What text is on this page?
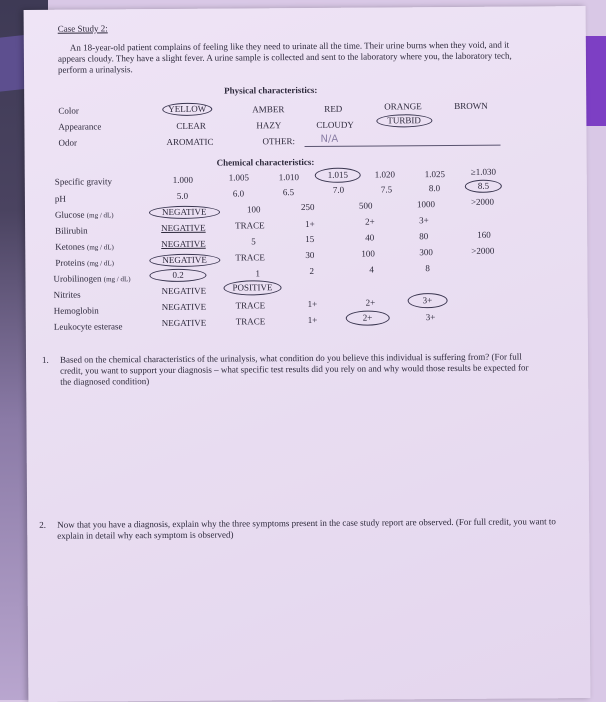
Case Study 2:
An 18-year-old patient complains of feeling like they need to urinate all the time. Their urine burns when they void, and it appears cloudy. They have a slight fever. A urine sample is collected and sent to the laboratory where you, the laboratory tech, perform a urinalysis.
Physical characteristics:
Color	YELLOW	AMBER	RED	ORANGE	BROWN
Appearance	CLEAR	HAZY	CLOUDY	TURBID
Odor	AROMATIC	OTHER:	N/A
Chemical characteristics:
Specific gravity	1.000	1.005	1.010	1.015	1.020	1.025	≥1.030
pH	5.0	6.0	6.5	7.0	7.5	8.0	8.5
Glucose (mg / dL)	NEGATIVE	100	250	500	1000	>2000
Bilirubin	NEGATIVE	TRACE	1+	2+	3+
Ketones (mg / dL)	NEGATIVE	5	15	40	80	160
Proteins (mg / dL)	NEGATIVE	TRACE	30	100	300	>2000
Urobilinogen (mg / dL)	0.2	1	2	4	8
Nitrites	NEGATIVE	POSITIVE
Hemoglobin	NEGATIVE	TRACE	1+	2+	3+
Leukocyte esterase	NEGATIVE	TRACE	1+	2+	3+
1. Based on the chemical characteristics of the urinalysis, what condition do you believe this individual is suffering from? (For full credit, you want to support your diagnosis – what specific test results did you rely on and why would those results be expected for the diagnosed condition)
2. Now that you have a diagnosis, explain why the three symptoms present in the case study report are observed. (For full credit, you want to explain in detail why each symptom is observed)
